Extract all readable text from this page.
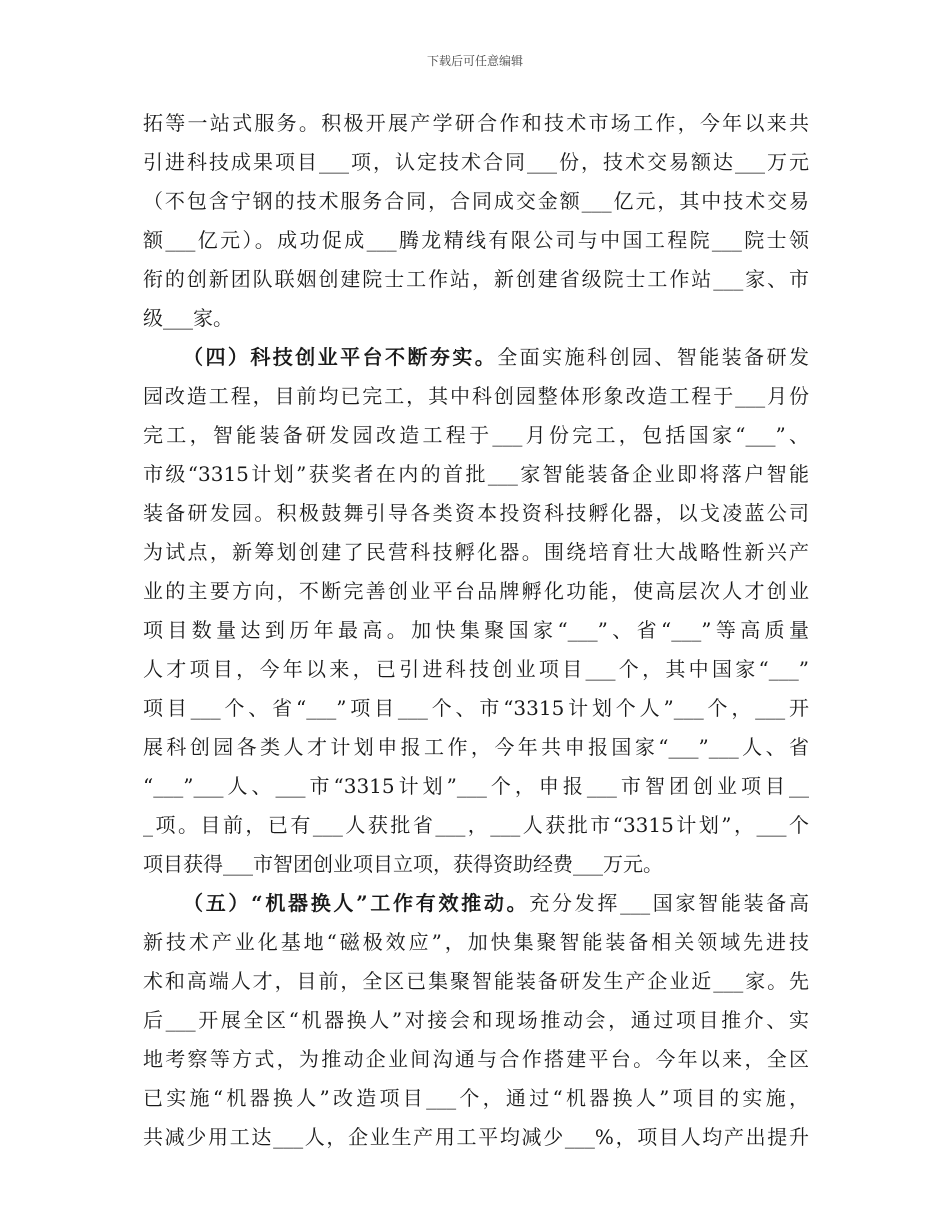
下载后可任意编辑
拓等一站式服务。积极开展产学研合作和技术市场工作，今年以来共
引进科技成果项目___项，认定技术合同___份，技术交易额达___万元
（不包含宁钢的技术服务合同，合同成交金额___亿元，其中技术交易
额___亿元）。成功促成___腾龙精线有限公司与中国工程院___院士领
衔的创新团队联姻创建院士工作站，新创建省级院士工作站___家、市
级___家。
（四）科技创业平台不断夯实。全面实施科创园、智能装备研发
园改造工程，目前均已完工，其中科创园整体形象改造工程于___月份
完工，智能装备研发园改造工程于___月份完工，包括国家“___”、
市级“3315计划”获奖者在内的首批___家智能装备企业即将落户智能
装备研发园。积极鼓舞引导各类资本投资科技孵化器，以戈凌蓝公司
为试点，新筹划创建了民营科技孵化器。围绕培育壮大战略性新兴产
业的主要方向，不断完善创业平台品牌孵化功能，使高层次人才创业
项目数量达到历年最高。加快集聚国家“___”、省“___”等高质量
人才项目，今年以来，已引进科技创业项目___个，其中国家“___”
项目___个、省“___”项目___个、市“3315计划个人”___个，___开
展科创园各类人才计划申报工作，今年共申报国家“___”___人、省
“___”___人、___市“3315计划”___个，申报___市智团创业项目__
_项。目前，已有___人获批省___，___人获批市“3315计划”，___个
项目获得___市智团创业项目立项，获得资助经费___万元。
（五）“机器换人”工作有效推动。充分发挥___国家智能装备高
新技术产业化基地“磁极效应”，加快集聚智能装备相关领域先进技
术和高端人才，目前，全区已集聚智能装备研发生产企业近___家。先
后___开展全区“机器换人”对接会和现场推动会，通过项目推介、实
地考察等方式，为推动企业间沟通与合作搭建平台。今年以来，全区
已实施“机器换人”改造项目___个，通过“机器换人”项目的实施，
共减少用工达___人，企业生产用工平均减少___%，项目人均产出提升
